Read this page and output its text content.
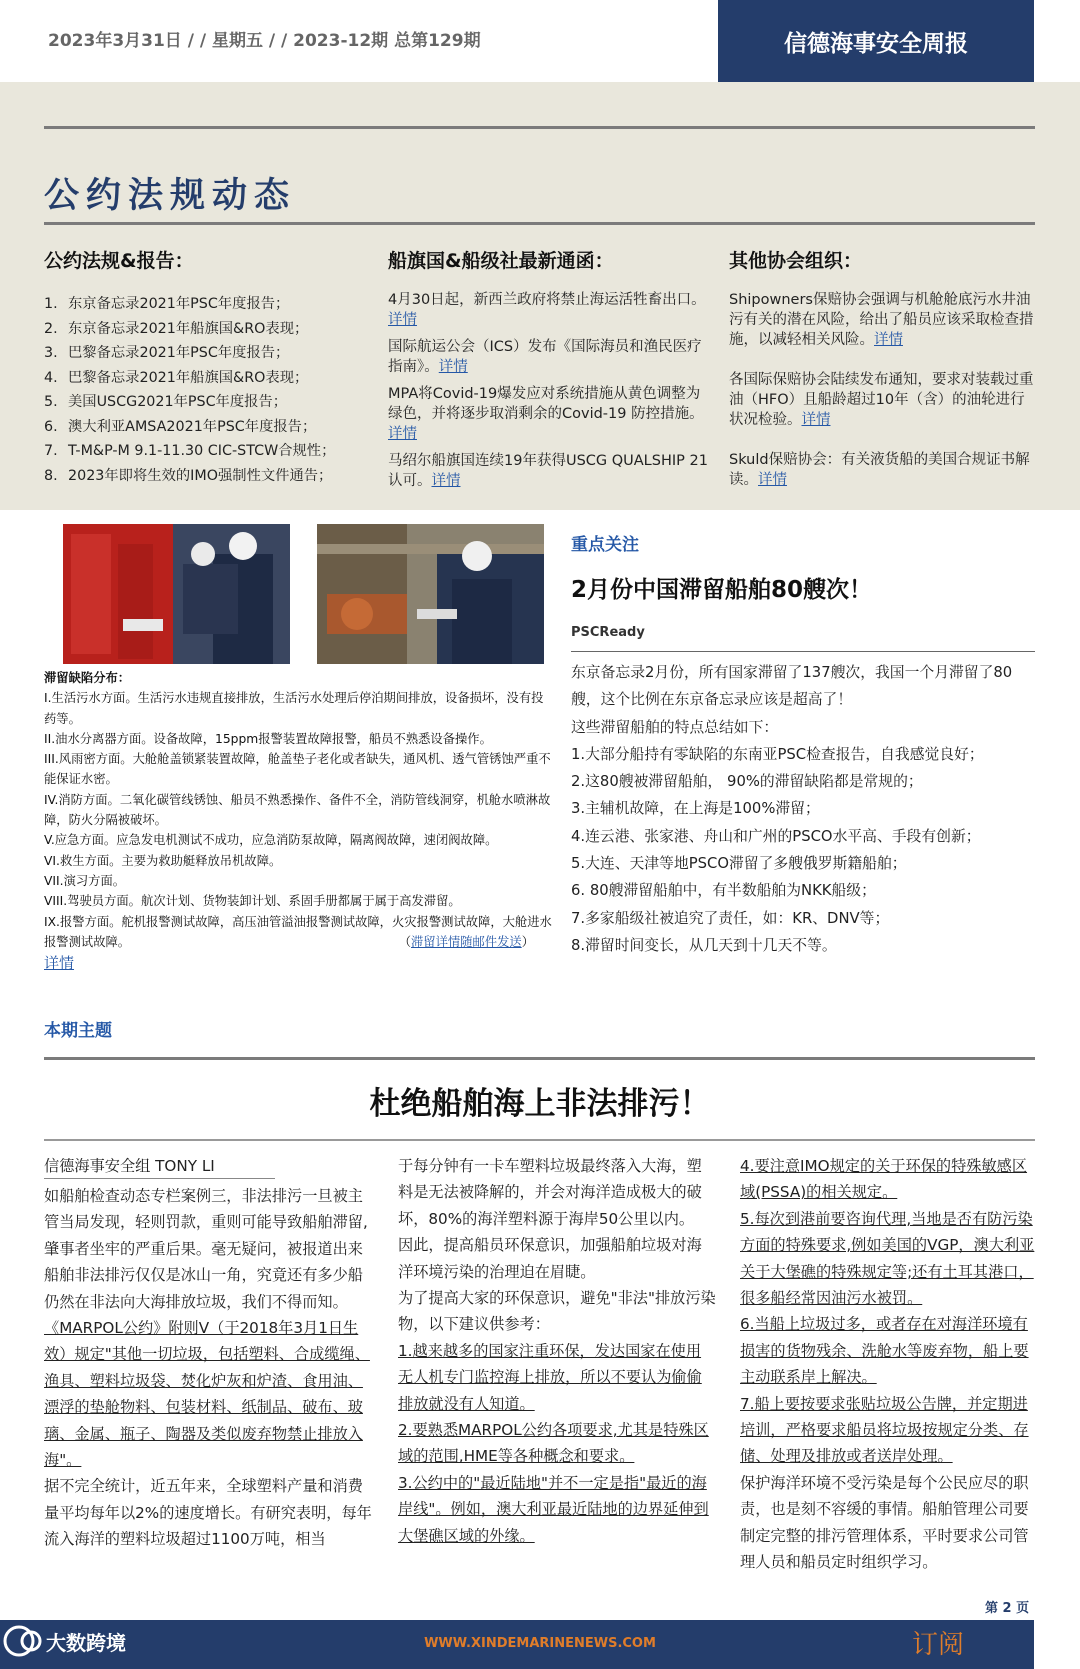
2023年3月31日 / / 星期五 / / 2023-12期 总第129期	信德海事安全周报
公约法规动态
公约法规&报告：	船旗国&船级社最新通函：	其他协会组织：
1. 东京备忘录2021年PSC年度报告；
2. 东京备忘录2021年船旗国&RO表现；
3. 巴黎备忘录2021年PSC年度报告；
4. 巴黎备忘录2021年船旗国&RO表现；
5. 美国USCG2021年PSC年度报告；
6. 澳大利亚AMSA2021年PSC年度报告；
7. T-M&P-M 9.1-11.30 CIC-STCW合规性；
8. 2023年即将生效的IMO强制性文件通告；

4月30日起，新西兰政府将禁止海运活牲畜出口。详情

国际航运公会（ICS）发布《国际海员和渔民医疗指南》。详情

MPA将Covid-19爆发应对系统措施从黄色调整为绿色，并将逐步取消剩余的Covid-19 防控措施。详情

马绍尔船旗国连续19年获得USCG QUALSHIP 21认可。详情

Shipowners保赔协会强调与机舱舱底污水井油污有关的潜在风险，给出了船员应该采取检查措施，以减轻相关风险。详情

各国际保赔协会陆续发布通知，要求对装载过重油（HFO）且船龄超过10年（含）的油轮进行状况检验。详情

Skuld保赔协会：有关液货船的美国合规证书解读。详情

滞留缺陷分布：
I.生活污水方面。生活污水违规直接排放，生活污水处理后停泊期间排放，设备损坏，没有投药等。
II.油水分离器方面。设备故障，15ppm报警装置故障报警，船员不熟悉设备操作。
III.风雨密方面。大舱舱盖锁紧装置故障，舱盖垫子老化或者缺失，通风机、透气管锈蚀严重不能保证水密。
IV.消防方面。二氧化碳管线锈蚀、船员不熟悉操作、备件不全，消防管线洞穿，机舱水喷淋故障，防火分隔被破坏。
V.应急方面。应急发电机测试不成功，应急消防泵故障，隔离阀故障，速闭阀故障。
VI.救生方面。主要为救助艇释放吊机故障。
VII.演习方面。
VIII.驾驶员方面。航次计划、货物装卸计划、系固手册都属于属于高发滞留。
IX.报警方面。舵机报警测试故障，高压油管溢油报警测试故障，火灾报警测试故障，大舱进水报警测试故障。	（滞留详情随邮件发送）
详情
重点关注
2月份中国滞留船舶80艘次！
PSCReady
东京备忘录2月份，所有国家滞留了137艘次，我国一个月滞留了80艘，这个比例在东京备忘录应该是超高了！
这些滞留船舶的特点总结如下：
1.大部分船持有零缺陷的东南亚PSC检查报告，自我感觉良好；
2.这80艘被滞留船舶， 90%的滞留缺陷都是常规的；
3.主辅机故障，在上海是100%滞留；
4.连云港、张家港、舟山和广州的PSCO水平高、手段有创新；
5.大连、天津等地PSCO滞留了多艘俄罗斯籍船舶；
6. 80艘滞留船舶中，有半数船舶为NKK船级；
7.多家船级社被追究了责任，如：KR、DNV等；
8.滞留时间变长，从几天到十几天不等。
本期主题
杜绝船舶海上非法排污！
信德海事安全组 TONY LI
如船舶检查动态专栏案例三，非法排污一旦被主管当局发现，轻则罚款，重则可能导致船舶滞留,肇事者坐牢的严重后果。毫无疑问，被报道出来船舶非法排污仅仅是冰山一角，究竟还有多少船仍然在非法向大海排放垃圾，我们不得而知。
《MARPOL公约》附则V（于2018年3月1日生效）规定"其他一切垃圾，包括塑料、合成缆绳、渔具、塑料垃圾袋、焚化炉灰和炉渣、食用油、漂浮的垫舱物料、包装材料、纸制品、破布、玻璃、金属、瓶子、陶器及类似废弃物禁止排放入海"。
据不完全统计，近五年来，全球塑料产量和消费量平均每年以2%的速度增长。有研究表明，每年流入海洋的塑料垃圾超过1100万吨，相当
于每分钟有一卡车塑料垃圾最终落入大海，塑料是无法被降解的，并会对海洋造成极大的破坏，80%的海洋塑料源于海岸50公里以内。
因此，提高船员环保意识，加强船舶垃圾对海洋环境污染的治理迫在眉睫。
为了提高大家的环保意识，避免"非法"排放污染物，以下建议供参考：
1.越来越多的国家注重环保，发达国家在使用无人机专门监控海上排放，所以不要认为偷偷排放就没有人知道。
2.要熟悉MARPOL公约各项要求,尤其是特殊区域的范围,HME等各种概念和要求。
3.公约中的"最近陆地"并不一定是指"最近的海岸线"。例如，澳大利亚最近陆地的边界延伸到大堡礁区域的外缘。
4.要注意IMO规定的关于环保的特殊敏感区域(PSSA)的相关规定。
5.每次到港前要咨询代理,当地是否有防污染方面的特殊要求,例如美国的VGP，澳大利亚关于大堡礁的特殊规定等;还有土耳其港口，很多船经常因油污水被罚。
6.当船上垃圾过多，或者存在对海洋环境有损害的货物残余、洗舱水等废弃物，船上要主动联系岸上解决。
7.船上要按要求张贴垃圾公告牌，并定期进培训，严格要求船员将垃圾按规定分类、存储、处理及排放或者送岸处理。
保护海洋环境不受污染是每个公民应尽的职责，也是刻不容缓的事情。船舶管理公司要制定完整的排污管理体系，平时要求公司管理人员和船员定时组织学习。
第 2 页
WWW.XINDEMARINENEWS.COM	订阅
大数跨境
